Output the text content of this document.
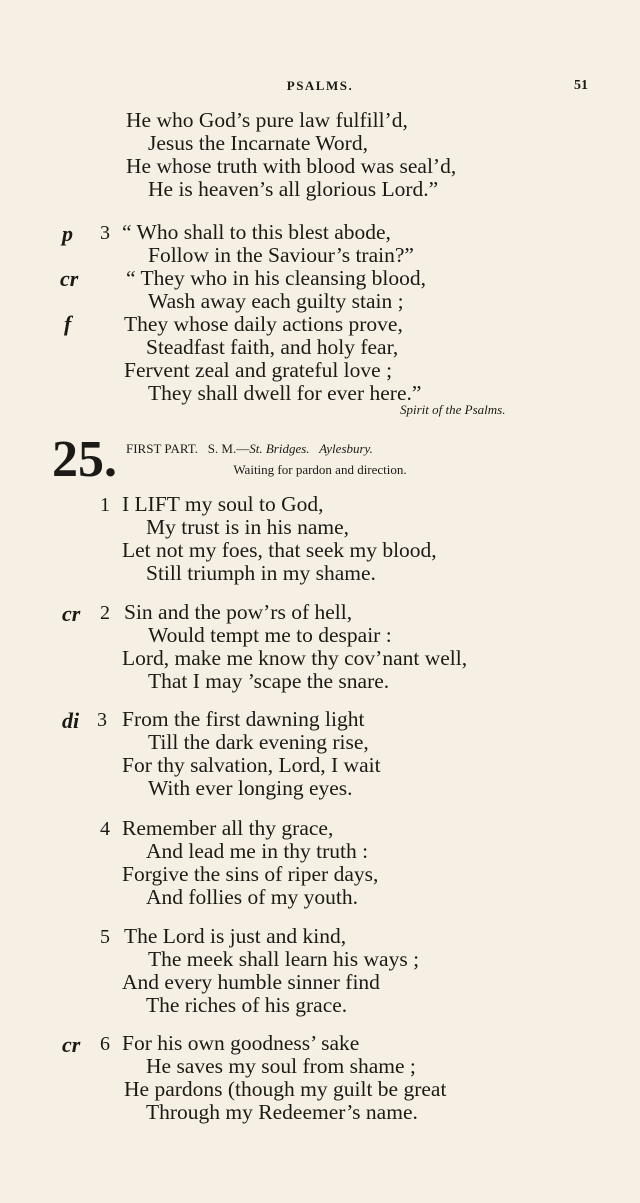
PSALMS.	51
He who God’s pure law fulfill’d,
Jesus the Incarnate Word,
He whose truth with blood was seal’d,
He is heaven’s all glorious Lord.”
p 3 “ Who shall to this blest abode,
Follow in the Saviour’s train?”
cr “ They who in his cleansing blood,
Wash away each guilty stain ;
f They whose daily actions prove,
Steadfast faith, and holy fear,
Fervent zeal and grateful love ;
They shall dwell for ever here.”
Spirit of the Psalms.
25. FIRST PART.   S. M.—St. Bridges.   Aylesbury.
Waiting for pardon and direction.
1 I LIFT my soul to God,
My trust is in his name,
Let not my foes, that seek my blood,
Still triumph in my shame.
cr 2 Sin and the pow’rs of hell,
Would tempt me to despair :
Lord, make me know thy cov’nant well,
That I may ’scape the snare.
di 3 From the first dawning light
Till the dark evening rise,
For thy salvation, Lord, I wait
With ever longing eyes.
4 Remember all thy grace,
And lead me in thy truth :
Forgive the sins of riper days,
And follies of my youth.
5 The Lord is just and kind,
The meek shall learn his ways ;
And every humble sinner find
The riches of his grace.
cr 6 For his own goodness’ sake
He saves my soul from shame ;
He pardons (though my guilt be great
Through my Redeemer’s name.
